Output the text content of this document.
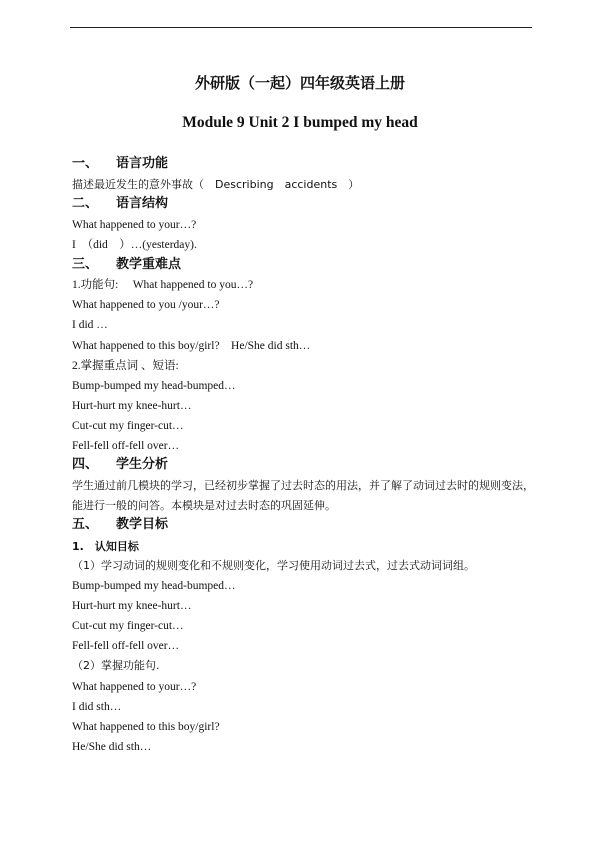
外研版（一起）四年级英语上册
Module 9 Unit 2 I bumped my head
一、 语言功能
描述最近发生的意外事故（　Describing　accidents　）
二、 语言结构
What happened to your…?
I　（did　）…(yesterday).
三、 教学重难点
1.功能句:　 What happened to you…?
What happened to you /your…?
I did …
What happened to this boy/girl?　He/She did sth…
2.掌握重点词 、短语:
Bump-bumped my head-bumped…
Hurt-hurt my knee-hurt…
Cut-cut my finger-cut…
Fell-fell off-fell over…
四、 学生分析
学生通过前几模块的学习，已经初步掌握了过去时态的用法，并了解了动词过去时的规则变法，能进行一般的问答。本模块是对过去时态的巩固延伸。
五、 教学目标
1.　认知目标
（1）学习动词的规则变化和不规则变化，学习使用动词过去式，过去式动词词组。
Bump-bumped my head-bumped…
Hurt-hurt my knee-hurt…
Cut-cut my finger-cut…
Fell-fell off-fell over…
（2）掌握功能句.
What happened to your…?
I did sth…
What happened to this boy/girl?
He/She did sth…
